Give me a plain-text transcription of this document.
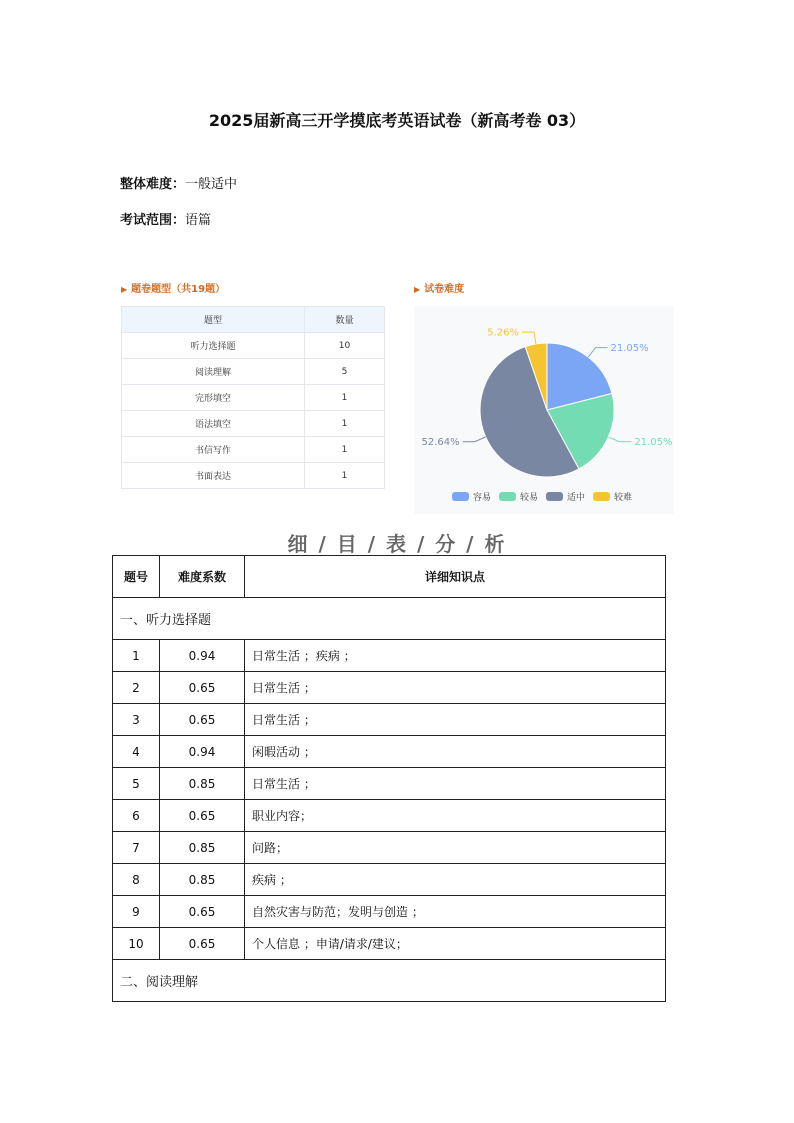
2025届新高三开学摸底考英语试卷（新高考卷 03）
整体难度：一般适中
考试范围：语篇
▶ 题卷题型（共19题）	▶ 试卷难度
题型	数量
听力选择题	10
阅读理解	5
完形填空	1
语法填空	1
书信写作	1
书面表达	1
21.05%
21.05%
52.64%
5.26%
容易	较易	适中	较难
细 / 目 / 表 / 分 / 析
题号	难度系数	详细知识点
一、听力选择题		
1	0.94	日常生活 ；疾病 ；
2	0.65	日常生活 ；
3	0.65	日常生活 ；
4	0.94	闲暇活动 ；
5	0.85	日常生活 ；
6	0.65	职业内容；
7	0.85	问路；
8	0.85	疾病 ；
9	0.65	自然灾害与防范；发明与创造 ；
10	0.65	个人信息 ；申请/请求/建议；
二、阅读理解		
